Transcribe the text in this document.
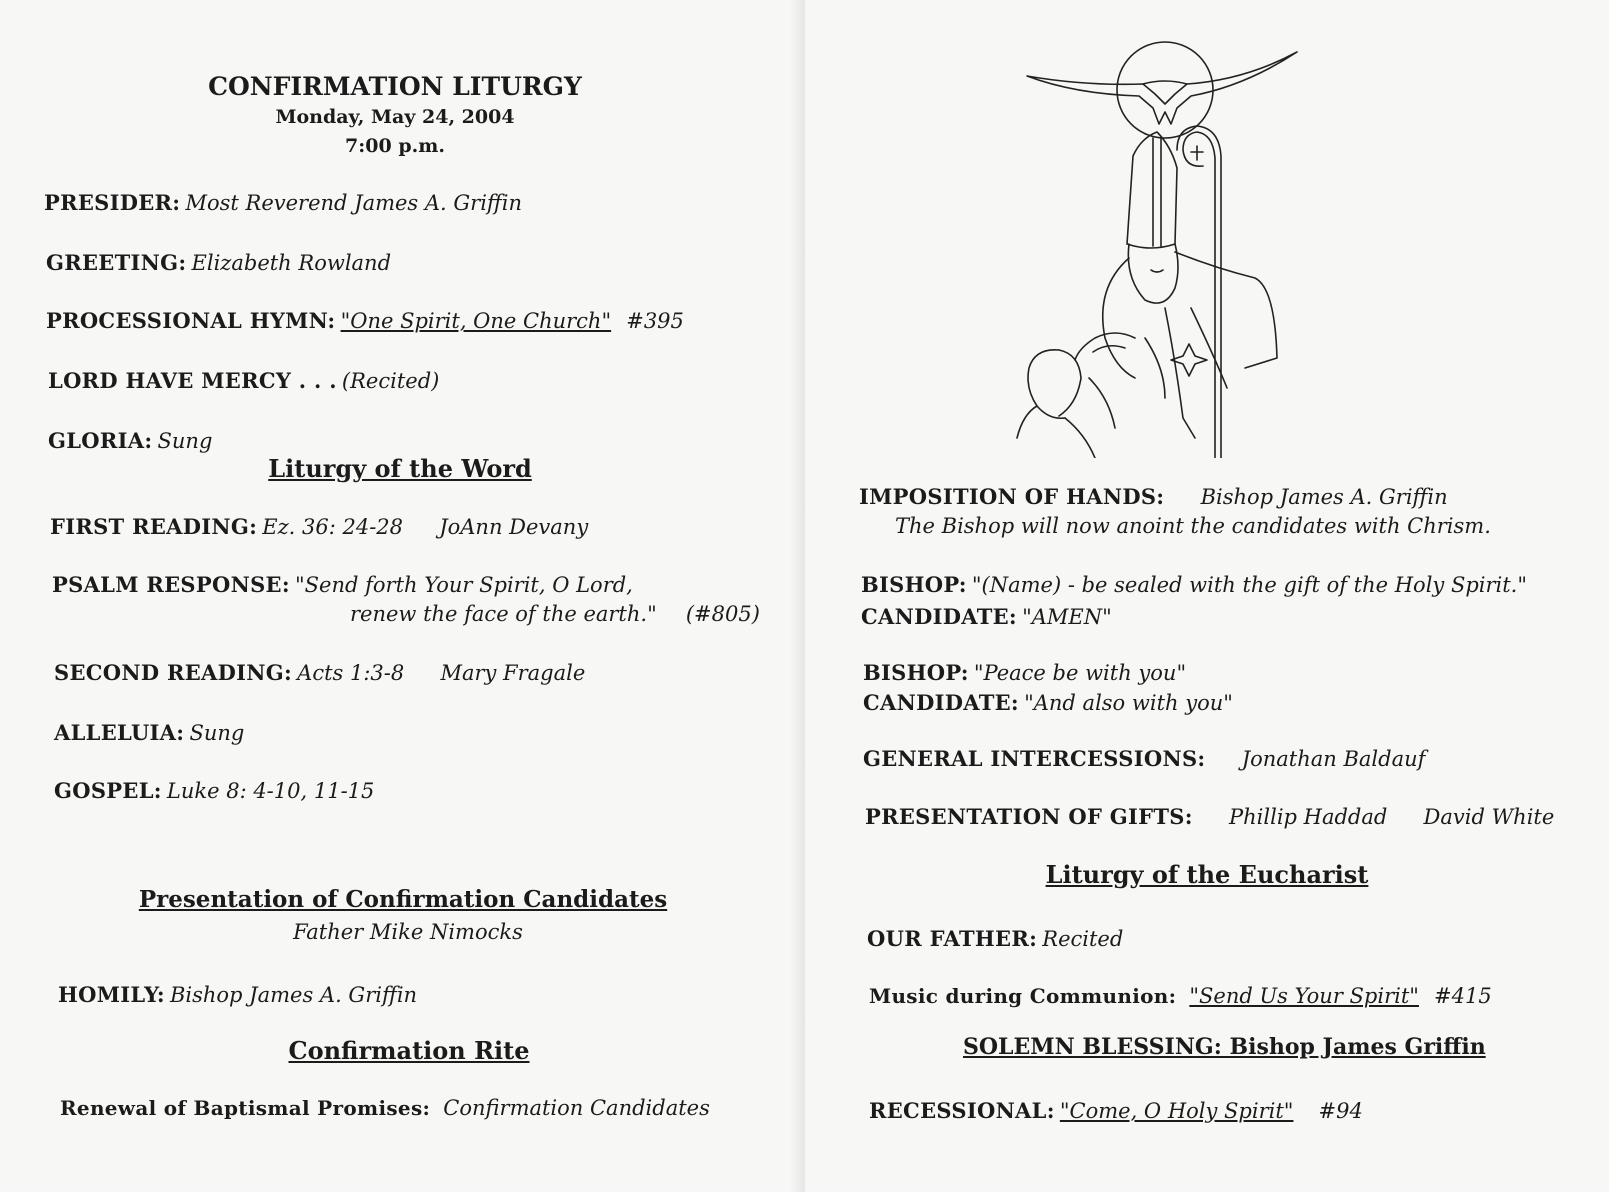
CONFIRMATION LITURGY
Monday, May 24, 2004
7:00 p.m.
PRESIDER: Most Reverend James A. Griffin
GREETING: Elizabeth Rowland
PROCESSIONAL HYMN: "One Spirit, One Church" #395
LORD HAVE MERCY . . . (Recited)
GLORIA: Sung
Liturgy of the Word
FIRST READING: Ez. 36: 24-28 JoAnn Devany
PSALM RESPONSE: "Send forth Your Spirit, O Lord,
renew the face of the earth." (#805)
SECOND READING: Acts 1:3-8 Mary Fragale
ALLELUIA: Sung
GOSPEL: Luke 8: 4-10, 11-15
Presentation of Confirmation Candidates
Father Mike Nimocks
HOMILY: Bishop James A. Griffin
Confirmation Rite
Renewal of Baptismal Promises: Confirmation Candidates
IMPOSITION OF HANDS: Bishop James A. Griffin
The Bishop will now anoint the candidates with Chrism.
BISHOP: "(Name) - be sealed with the gift of the Holy Spirit."
CANDIDATE: "AMEN"
BISHOP: "Peace be with you"
CANDIDATE: "And also with you"
GENERAL INTERCESSIONS: Jonathan Baldauf
PRESENTATION OF GIFTS: Phillip Haddad David White
Liturgy of the Eucharist
OUR FATHER: Recited
Music during Communion: "Send Us Your Spirit" #415
SOLEMN BLESSING: Bishop James Griffin
RECESSIONAL: "Come, O Holy Spirit" #94
